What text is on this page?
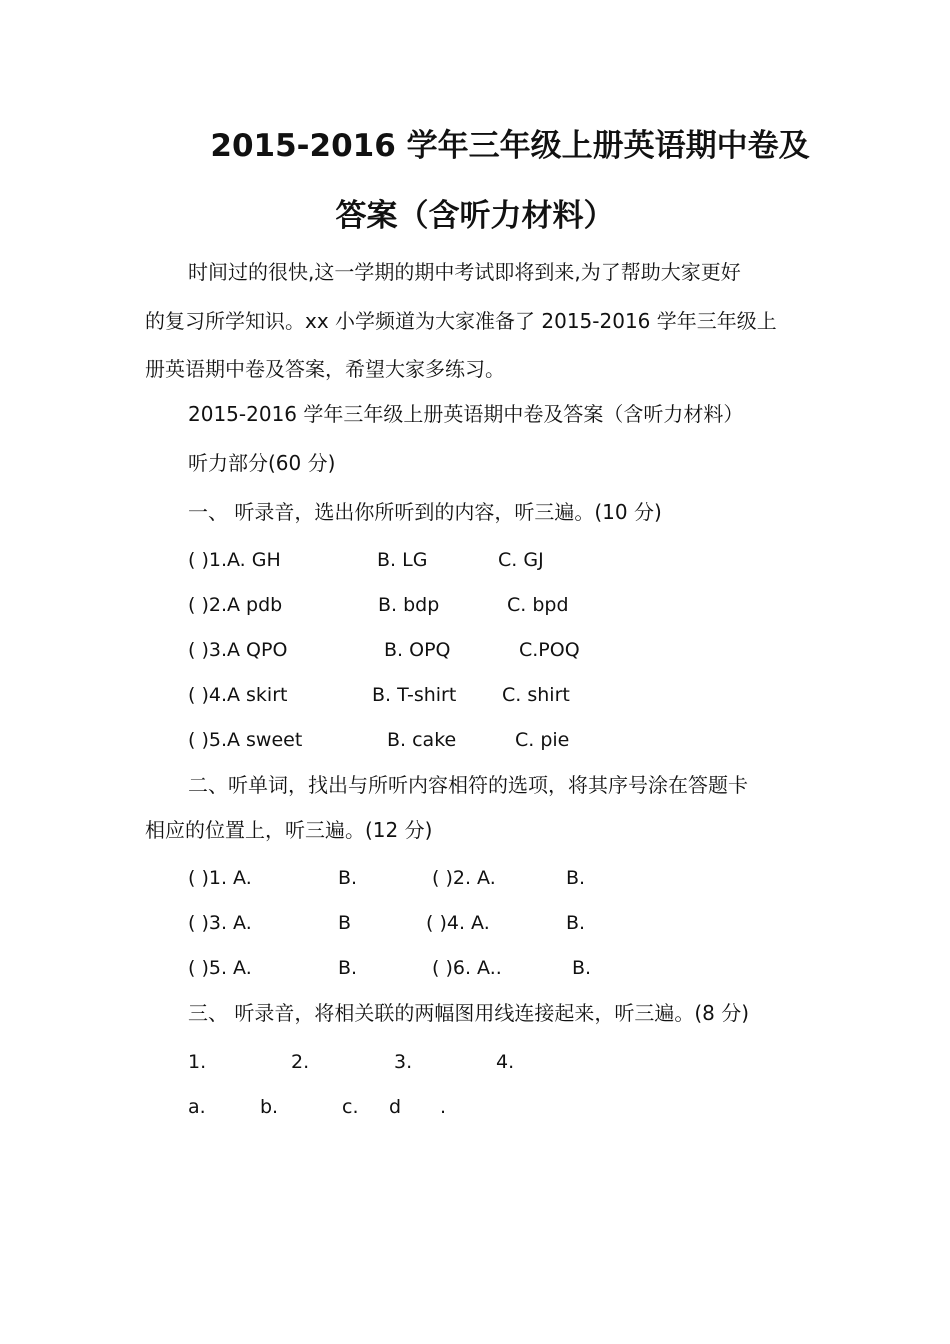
2015-2016 学年三年级上册英语期中卷及
答案（含听力材料）
时间过的很快,这一学期的期中考试即将到来,为了帮助大家更好
的复习所学知识。xx 小学频道为大家准备了 2015-2016 学年三年级上
册英语期中卷及答案，希望大家多练习。
2015-2016 学年三年级上册英语期中卷及答案（含听力材料）
听力部分(60 分)
一、 听录音，选出你所听到的内容，听三遍。(10 分)
( )1.A. GH	B. LG	C. GJ
( )2.A pdb	B. bdp	C. bpd
( )3.A QPO	B. OPQ	C.POQ
( )4.A skirt	B. T-shirt C. shirt
( )5.A sweet	B. cake	C. pie
二、听单词，找出与所听内容相符的选项，将其序号涂在答题卡
相应的位置上，听三遍。(12 分)
( )1. A.	B.	( )2. A.	B.
( )3. A.	B	( )4. A.	B.
( )5. A.	B.	( )6. A..	B.
三、 听录音，将相关联的两幅图用线连接起来，听三遍。(8 分)
1.	2.	3.	4.
a.	b.	c. d .
